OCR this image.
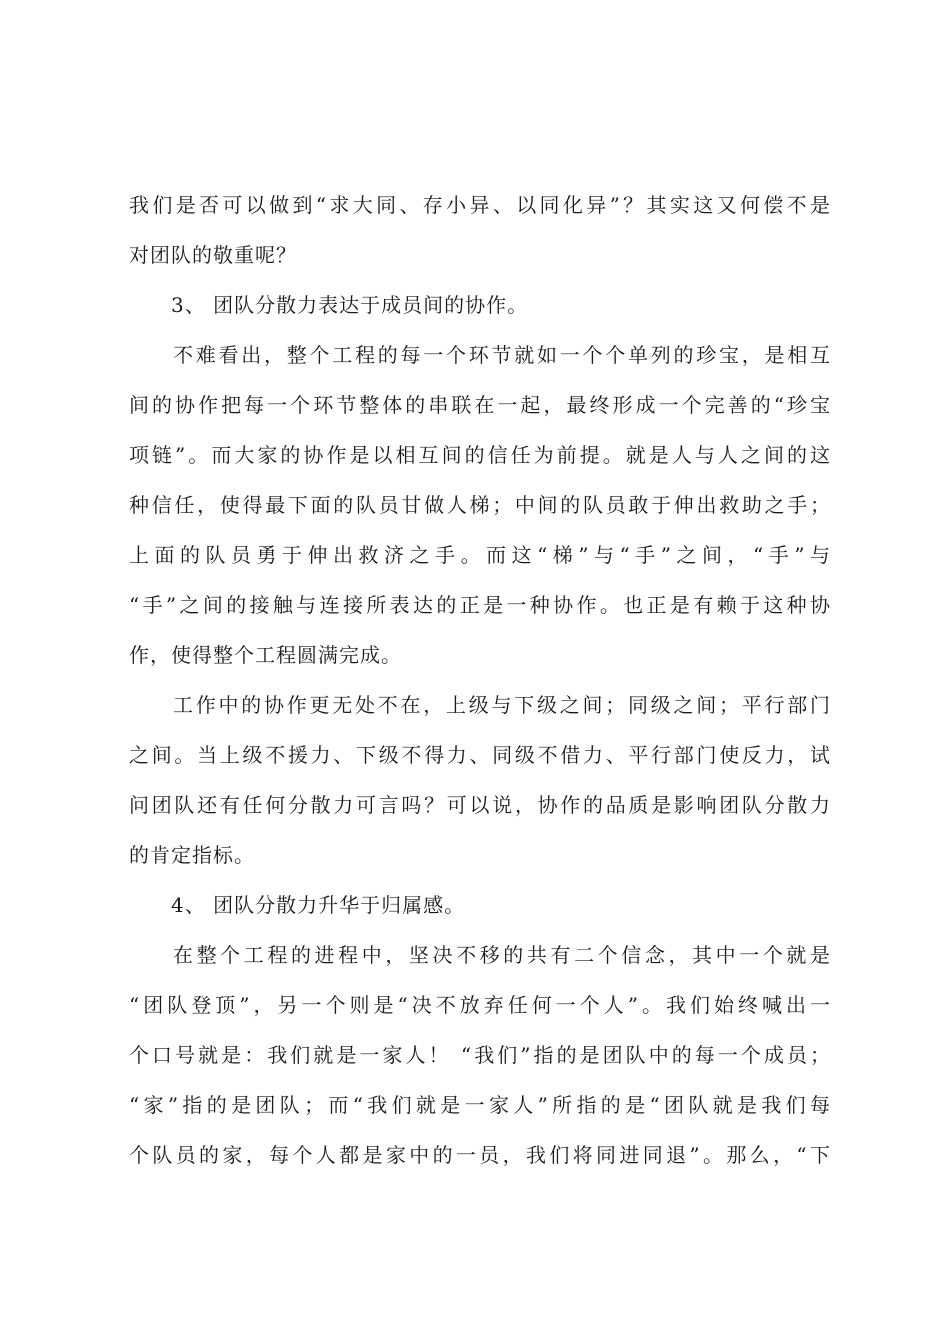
我们是否可以做到“求大同、存小异、以同化异”？其实这又何偿不是
对团队的敬重呢？
3、 团队分散力表达于成员间的协作。
不难看出，整个工程的每一个环节就如一个个单列的珍宝，是相互
间的协作把每一个环节整体的串联在一起，最终形成一个完善的“珍宝
项链”。而大家的协作是以相互间的信任为前提。就是人与人之间的这
种信任，使得最下面的队员甘做人梯；中间的队员敢于伸出救助之手；
上面的队员勇于伸出救济之手。而这“梯”与“手”之间，“手”与
“手”之间的接触与连接所表达的正是一种协作。也正是有赖于这种协
作，使得整个工程圆满完成。
工作中的协作更无处不在，上级与下级之间；同级之间；平行部门
之间。当上级不援力、下级不得力、同级不借力、平行部门使反力，试
问团队还有任何分散力可言吗？可以说，协作的品质是影响团队分散力
的肯定指标。
4、 团队分散力升华于归属感。
在整个工程的进程中，坚决不移的共有二个信念，其中一个就是
“团队登顶”，另一个则是“决不放弃任何一个人”。我们始终喊出一
个口号就是：我们就是一家人！ “我们”指的是团队中的每一个成员；
“家”指的是团队；而“我们就是一家人”所指的是“团队就是我们每
个队员的家，每个人都是家中的一员，我们将同进同退”。那么，“下
